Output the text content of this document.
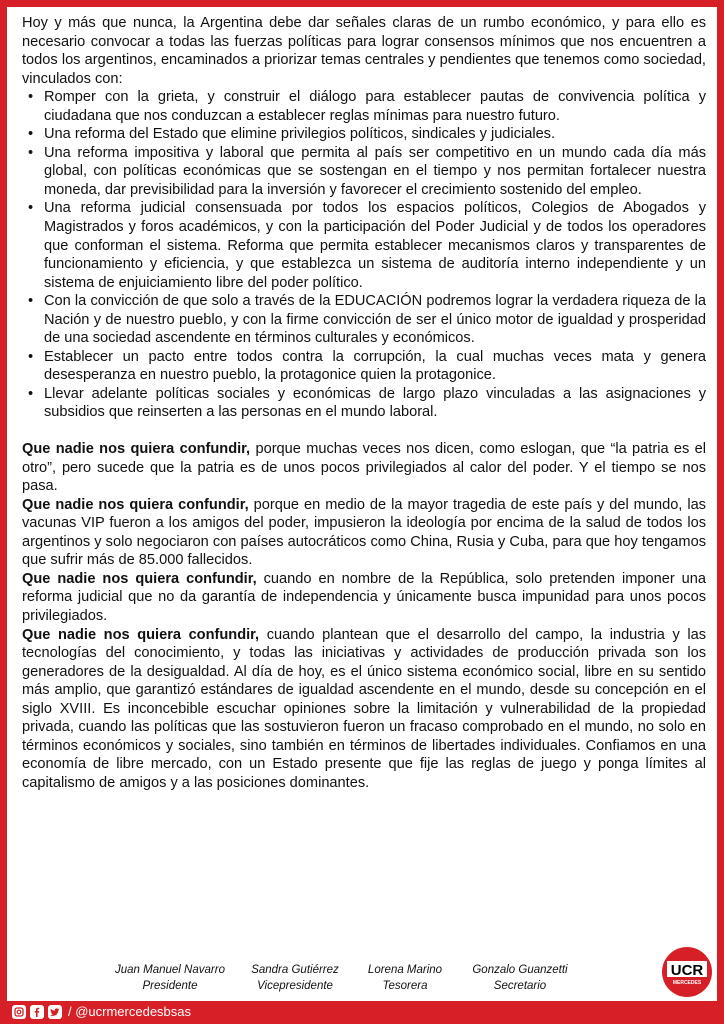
Hoy y más que nunca, la Argentina debe dar señales claras de un rumbo económico, y para ello es necesario convocar a todas las fuerzas políticas para lograr consensos mínimos que nos encuentren a todos los argentinos, encaminados a priorizar temas centrales y pendientes que tenemos como sociedad, vinculados con:

• Romper con la grieta, y construir el diálogo para establecer pautas de convivencia política y ciudadana que nos conduzcan a establecer reglas mínimas para nuestro futuro.
• Una reforma del Estado que elimine privilegios políticos, sindicales y judiciales.
• Una reforma impositiva y laboral que permita al país ser competitivo en un mundo cada día más global, con políticas económicas que se sostengan en el tiempo y nos permitan fortalecer nuestra moneda, dar previsibilidad para la inversión y favorecer el crecimiento sostenido del empleo.
• Una reforma judicial consensuada por todos los espacios políticos, Colegios de Abogados y Magistrados y foros académicos, y con la participación del Poder Judicial y de todos los operadores que conforman el sistema. Reforma que permita establecer mecanismos claros y transparentes de funcionamiento y eficiencia, y que establezca un sistema de auditoría interno independiente y un sistema de enjuiciamiento libre del poder político.
• Con la convicción de que solo a través de la EDUCACIÓN podremos lograr la verdadera riqueza de la Nación y de nuestro pueblo, y con la firme convicción de ser el único motor de igualdad y prosperidad de una sociedad ascendente en términos culturales y económicos.
• Establecer un pacto entre todos contra la corrupción, la cual muchas veces mata y genera desesperanza en nuestro pueblo, la protagonice quien la protagonice.
• Llevar adelante políticas sociales y económicas de largo plazo vinculadas a las asignaciones y subsidios que reinserten a las personas en el mundo laboral.

Que nadie nos quiera confundir, porque muchas veces nos dicen, como eslogan, que “la patria es el otro”, pero sucede que la patria es de unos pocos privilegiados al calor del poder. Y el tiempo se nos pasa.

Que nadie nos quiera confundir, porque en medio de la mayor tragedia de este país y del mundo, las vacunas VIP fueron a los amigos del poder, impusieron la ideología por encima de la salud de todos los argentinos y solo negociaron con países autocráticos como China, Rusia y Cuba, para que hoy tengamos que sufrir más de 85.000 fallecidos.

Que nadie nos quiera confundir, cuando en nombre de la República, solo pretenden imponer una reforma judicial que no da garantía de independencia y únicamente busca impunidad para unos pocos privilegiados.

Que nadie nos quiera confundir, cuando plantean que el desarrollo del campo, la industria y las tecnologías del conocimiento, y todas las iniciativas y actividades de producción privada son los generadores de la desigualdad. Al día de hoy, es el único sistema económico social, libre en su sentido más amplio, que garantizó estándares de igualdad ascendente en el mundo, desde su concepción en el siglo XVIII. Es inconcebible escuchar opiniones sobre la limitación y vulnerabilidad de la propiedad privada, cuando las políticas que las sostuvieron fueron un fracaso comprobado en el mundo, no solo en términos económicos y sociales, sino también en términos de libertades individuales. Confiamos en una economía de libre mercado, con un Estado presente que fije las reglas de juego y ponga límites al capitalismo de amigos y a las posiciones dominantes.

Juan Manuel Navarro
Presidente
Sandra Gutiérrez
Vicepresidente
Lorena Marino
Tesorera
Gonzalo Guanzetti
Secretario
UCR
MERCEDES
/ @ucrmercedesbsas
